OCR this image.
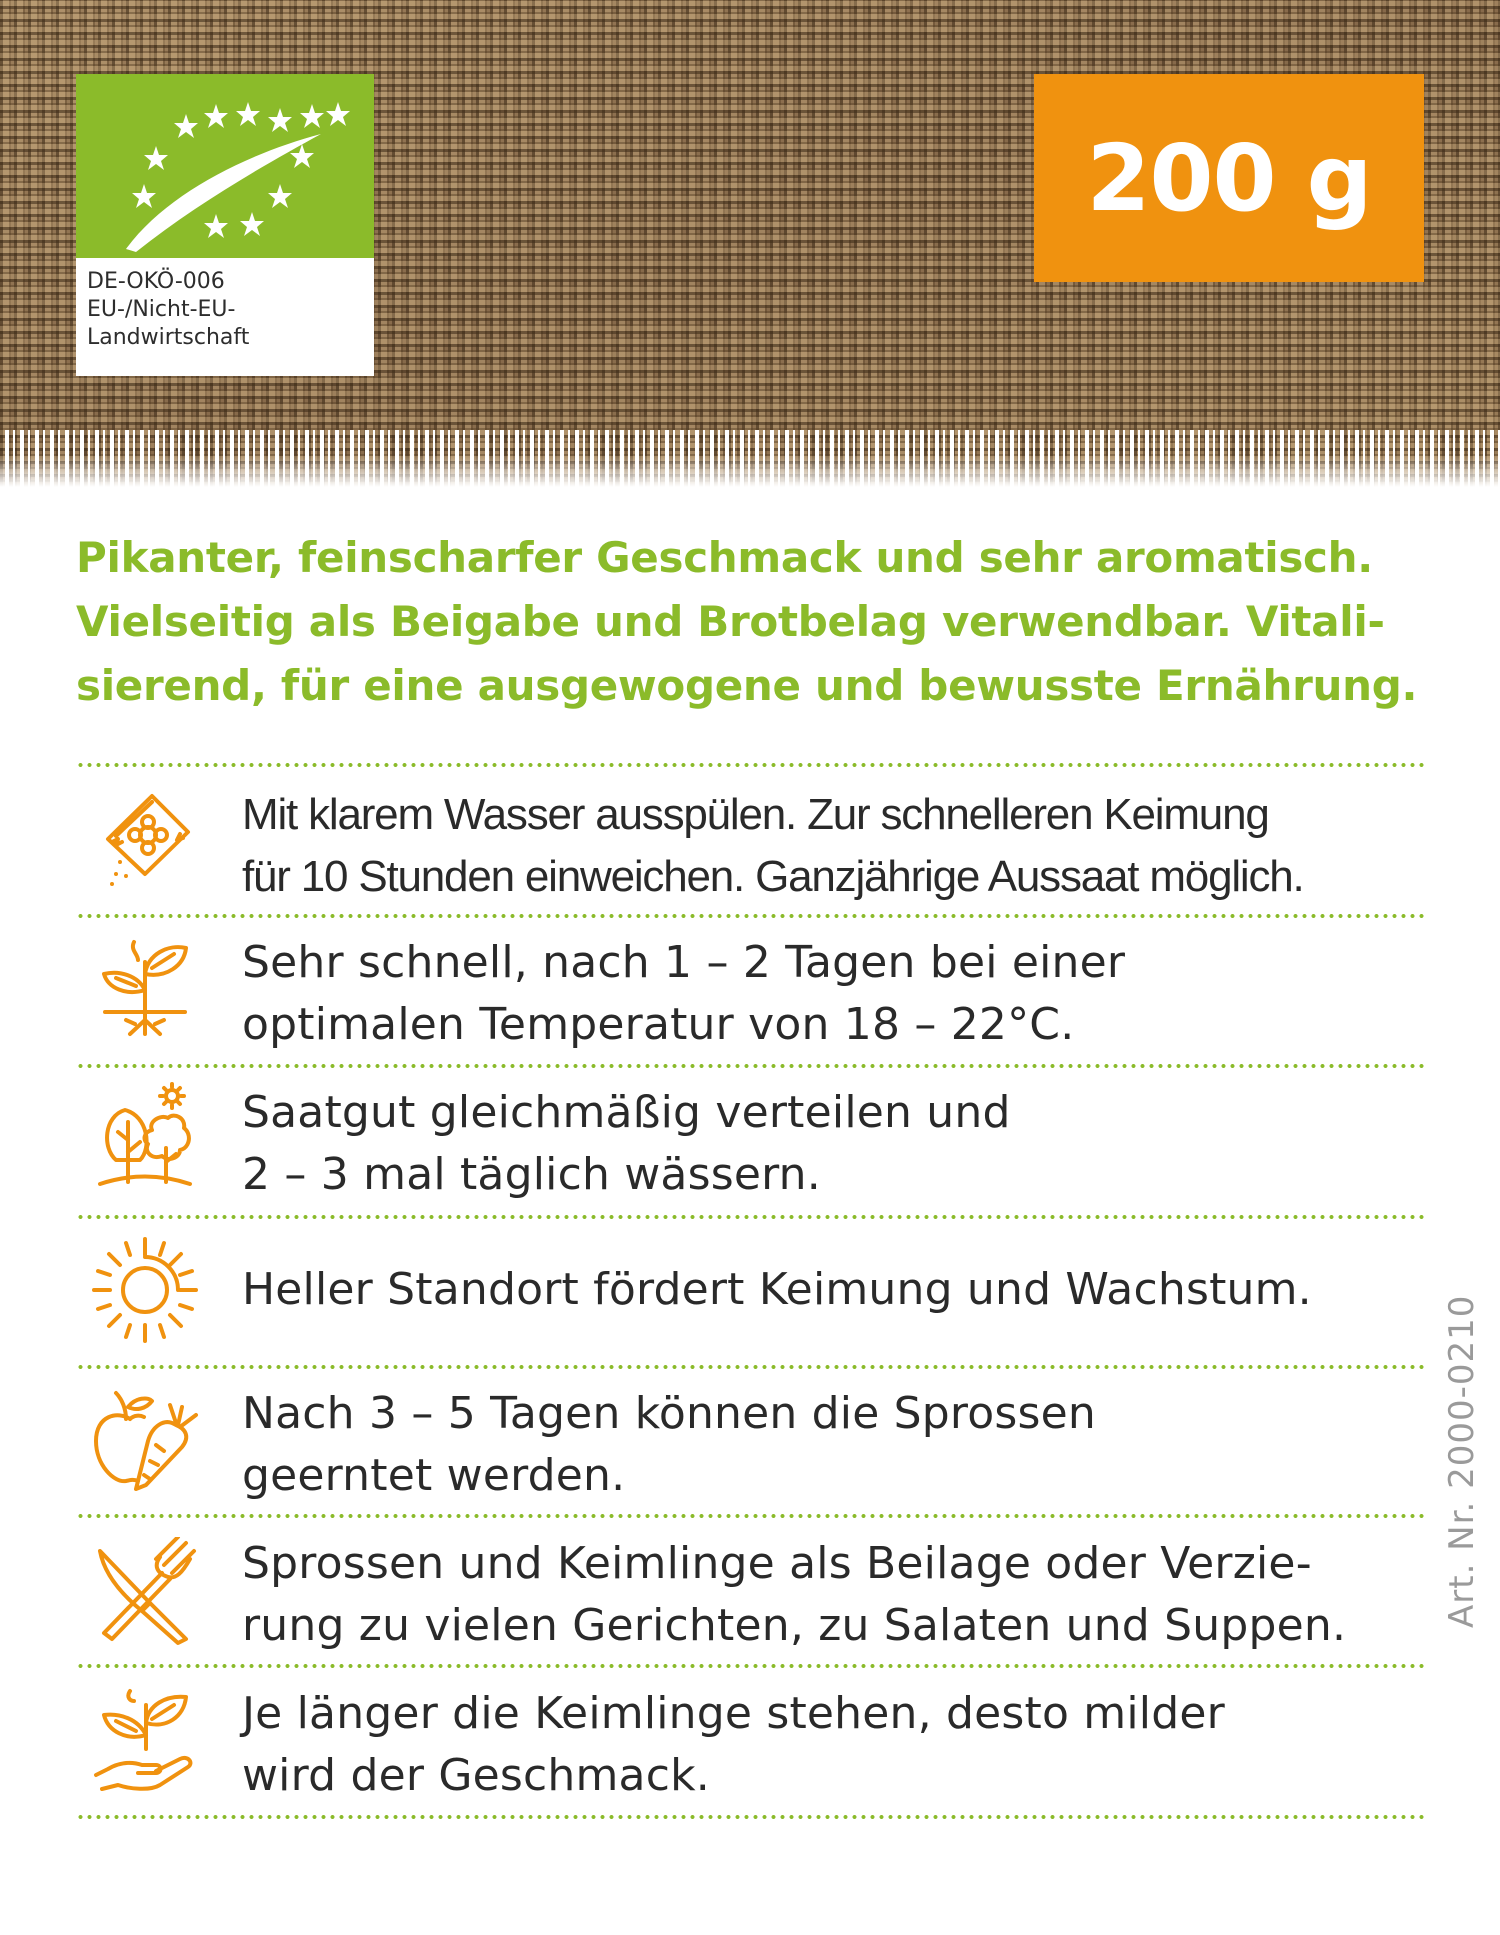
DE-OKÖ-006
EU-/Nicht-EU-
Landwirtschaft
200 g
Pikanter, feinscharfer Geschmack und sehr aromatisch.
Vielseitig als Beigabe und Brotbelag verwendbar. Vitali-
sierend, für eine ausgewogene und bewusste Ernährung.
Mit klarem Wasser ausspülen. Zur schnelleren Keimung
für 10 Stunden einweichen. Ganzjährige Aussaat möglich.
Sehr schnell, nach 1 – 2 Tagen bei einer
optimalen Temperatur von 18 – 22°C.
Saatgut gleichmäßig verteilen und
2 – 3 mal täglich wässern.
Heller Standort fördert Keimung und Wachstum.
Nach 3 – 5 Tagen können die Sprossen
geerntet werden.
Sprossen und Keimlinge als Beilage oder Verzie-
rung zu vielen Gerichten, zu Salaten und Suppen.
Je länger die Keimlinge stehen, desto milder
wird der Geschmack.
Art. Nr. 2000-0210
